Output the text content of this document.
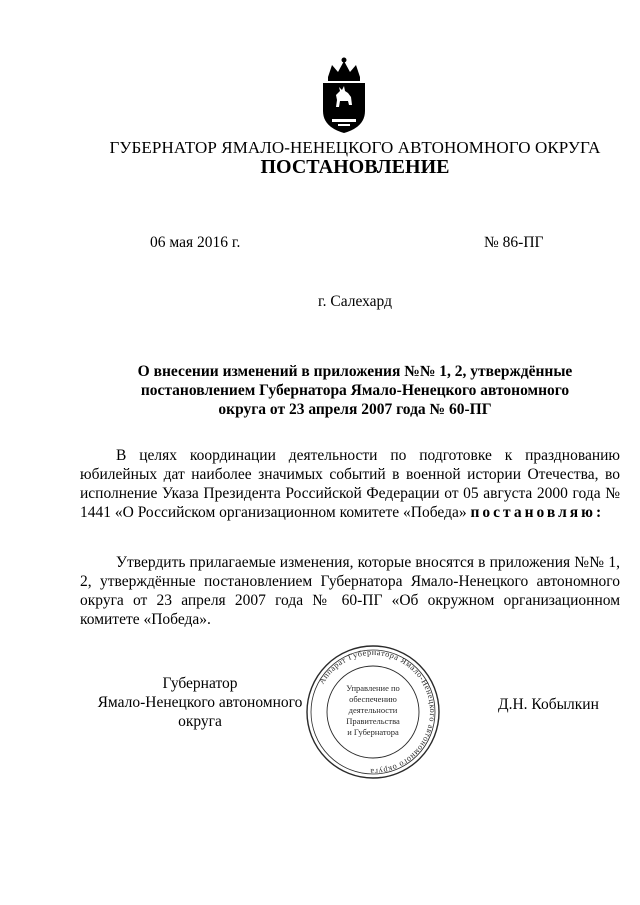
ГУБЕРНАТОР ЯМАЛО-НЕНЕЦКОГО АВТОНОМНОГО ОКРУГА
ПОСТАНОВЛЕНИЕ
06 мая 2016 г.	№ 86-ПГ
г. Салехард
О внесении изменений в приложения №№ 1, 2, утверждённые
постановлением Губернатора Ямало-Ненецкого автономного
округа от 23 апреля 2007 года № 60-ПГ

В целях координации деятельности по подготовке к празднованию юбилейных дат наиболее значимых событий в военной истории Отечества, во исполнение Указа Президента Российской Федерации от 05 августа 2000 года № 1441 «О Российском организационном комитете «Победа» постановляю:

Утвердить прилагаемые изменения, которые вносятся в приложения №№ 1, 2, утверждённые постановлением Губернатора Ямало-Ненецкого автономного округа от 23 апреля 2007 года № 60-ПГ «Об окружном организационном комитете «Победа».

Губернатор
Ямало-Ненецкого автономного округа
Д.Н. Кобылкин
Аппарат Губернатора Ямало-Ненецкого автономного округа
Управление по
обеспечению
деятельности
Правительства
и Губернатора
